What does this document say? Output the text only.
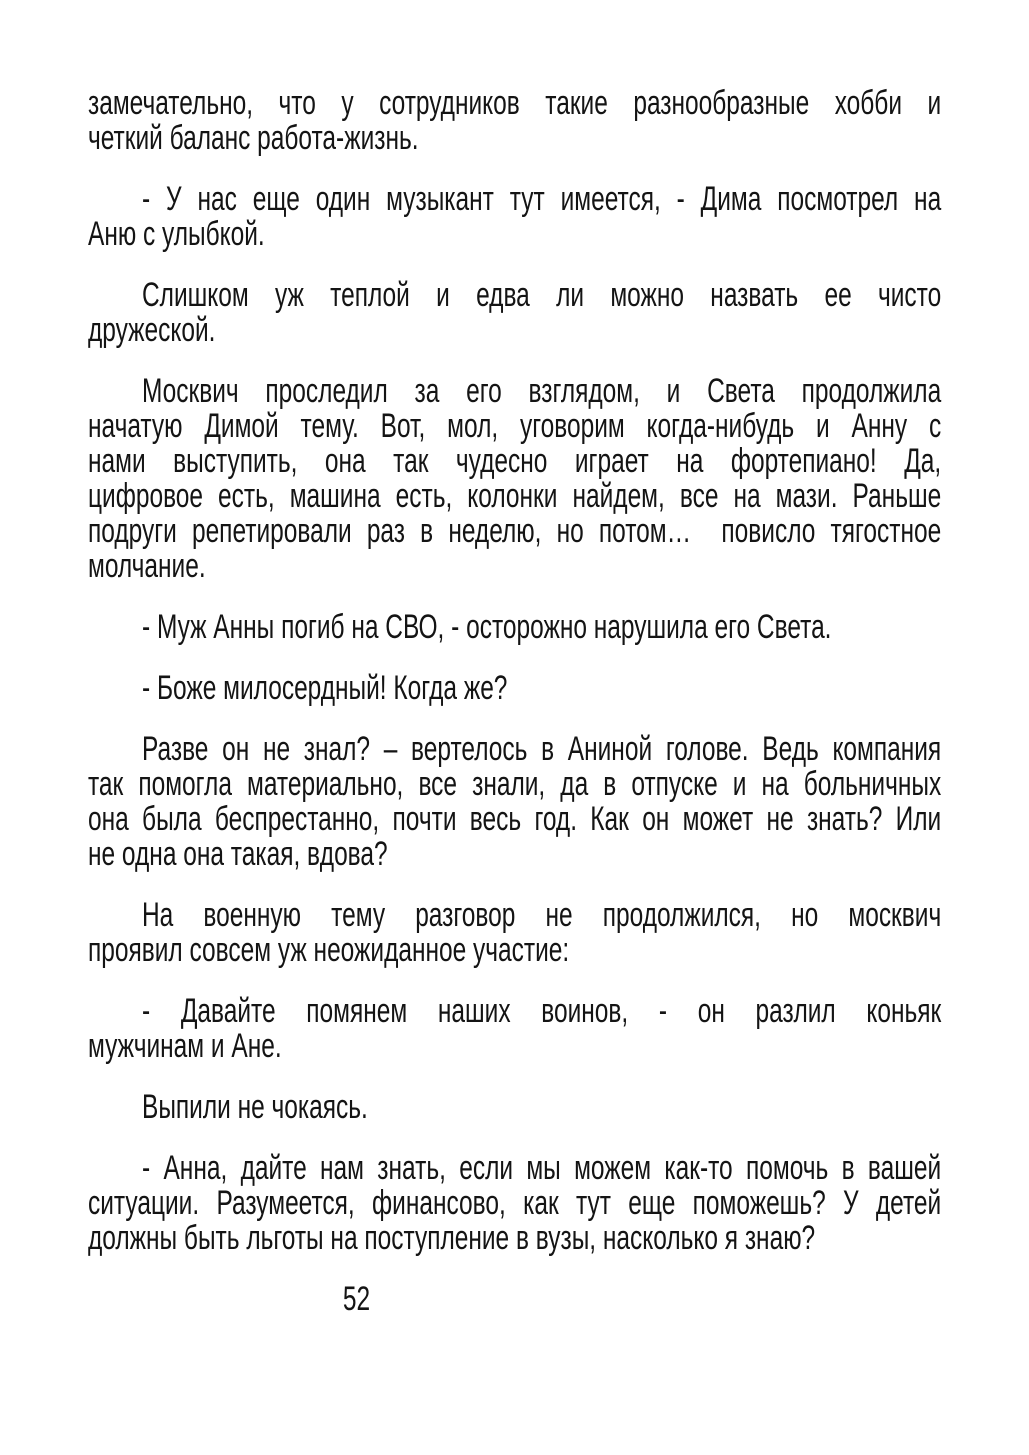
замечательно, что у сотрудников такие разнообразные хобби и
четкий баланс работа-жизнь.

- У нас еще один музыкант тут имеется, - Дима посмотрел на
Аню с улыбкой.

Слишком уж теплой и едва ли можно назвать ее чисто
дружеской.

Москвич проследил за его взглядом, и Света продолжила
начатую Димой тему. Вот, мол, уговорим когда-нибудь и Анну с
нами выступить, она так чудесно играет на фортепиано! Да,
цифровое есть, машина есть, колонки найдем, все на мази. Раньше
подруги репетировали раз в неделю, но потом…  повисло тягостное
молчание.

- Муж Анны погиб на СВО, - осторожно нарушила его Света.

- Боже милосердный! Когда же?

Разве он не знал? – вертелось в Аниной голове. Ведь компания
так помогла материально, все знали, да в отпуске и на больничных
она была беспрестанно, почти весь год. Как он может не знать? Или
не одна она такая, вдова?

На военную тему разговор не продолжился, но москвич
проявил совсем уж неожиданное участие:

- Давайте помянем наших воинов, - он разлил коньяк
мужчинам и Ане.

Выпили не чокаясь.

- Анна, дайте нам знать, если мы можем как-то помочь в вашей
ситуации. Разумеется, финансово, как тут еще поможешь? У детей
должны быть льготы на поступление в вузы, насколько я знаю?

52
